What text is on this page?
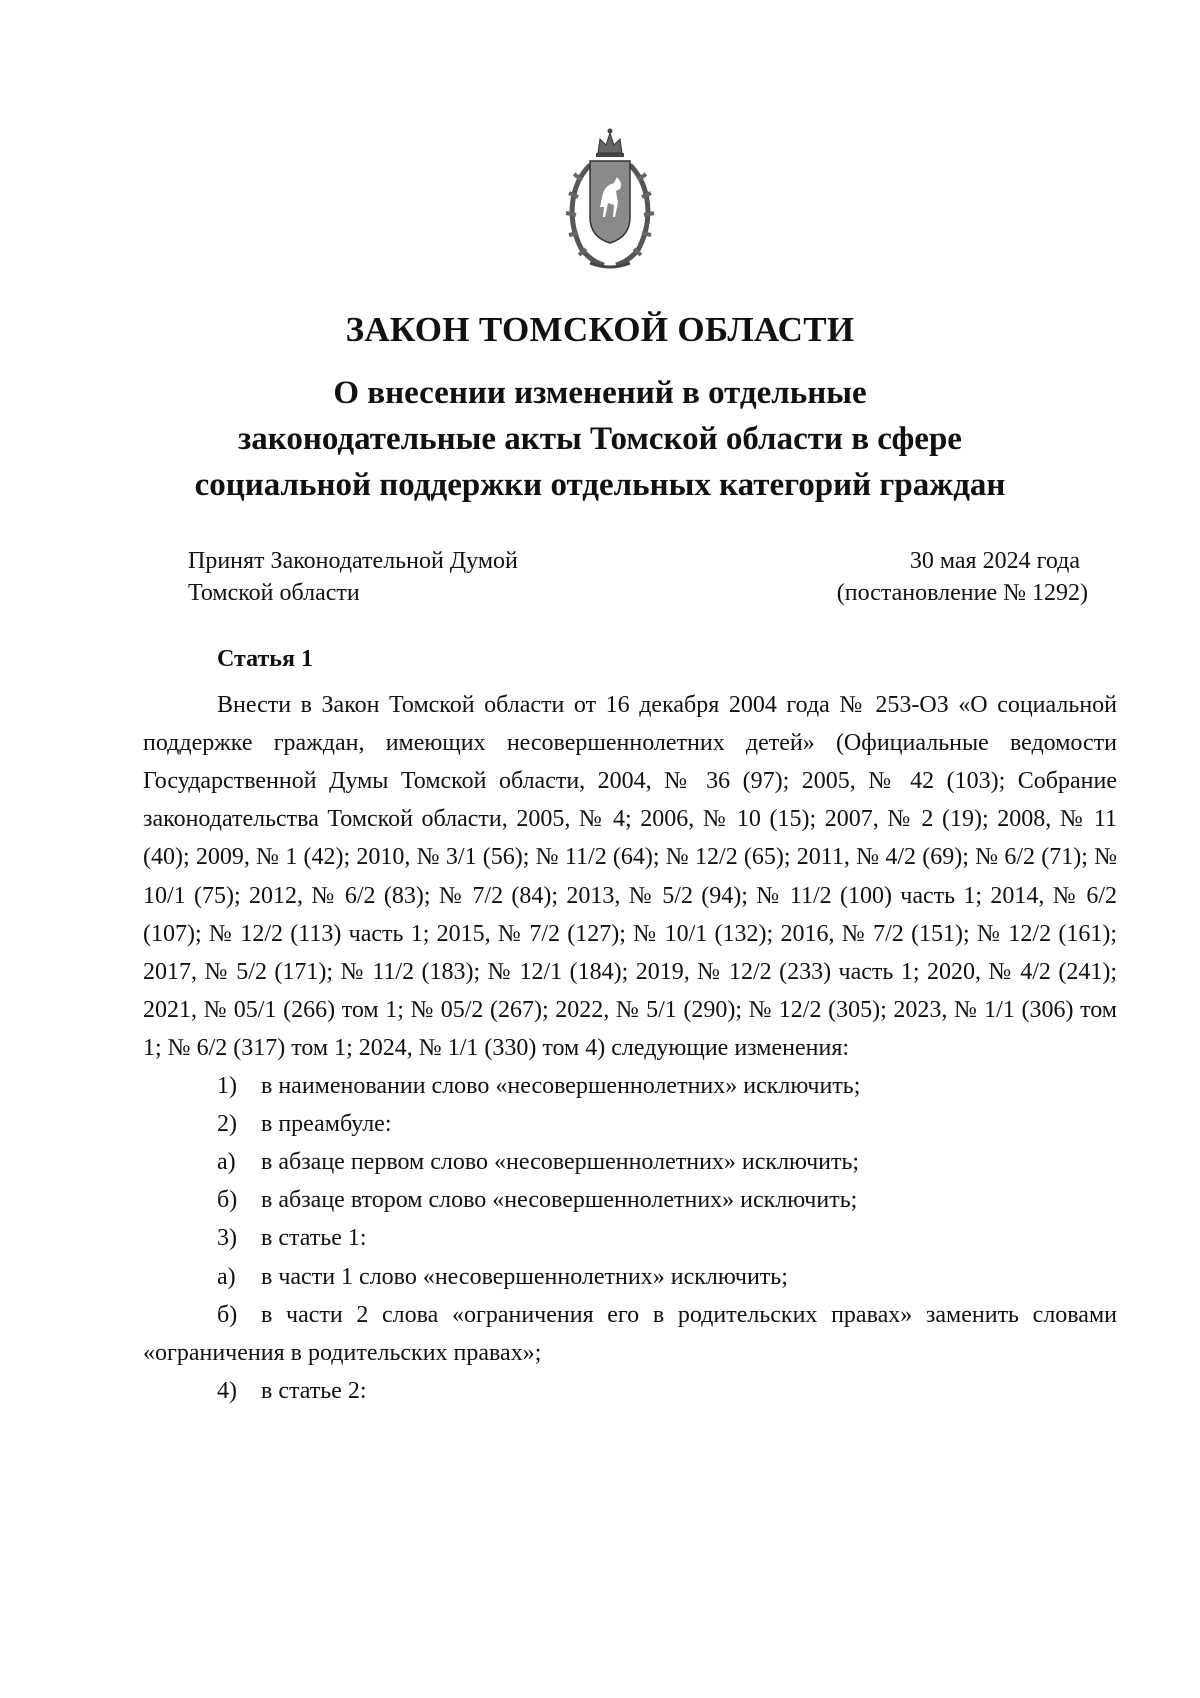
ЗАКОН ТОМСКОЙ ОБЛАСТИ
О внесении изменений в отдельные
законодательные акты Томской области в сфере
социальной поддержки отдельных категорий граждан
Принят Законодательной Думой
Томской области
30 мая 2024 года
(постановление № 1292)
Статья 1

Внести в Закон Томской области от 16 декабря 2004 года № 253-ОЗ «О социальной поддержке граждан, имеющих несовершеннолетних детей» (Официальные ведомости Государственной Думы Томской области, 2004, № 36 (97); 2005, № 42 (103); Собрание законодательства Томской области, 2005, № 4; 2006, № 10 (15); 2007, № 2 (19); 2008, № 11 (40); 2009, № 1 (42); 2010, № 3/1 (56); № 11/2 (64); № 12/2 (65); 2011, № 4/2 (69); № 6/2 (71); № 10/1 (75); 2012, № 6/2 (83); № 7/2 (84); 2013, № 5/2 (94); № 11/2 (100) часть 1; 2014, № 6/2 (107); № 12/2 (113) часть 1; 2015, № 7/2 (127); № 10/1 (132); 2016, № 7/2 (151); № 12/2 (161); 2017, № 5/2 (171); № 11/2 (183); № 12/1 (184); 2019, № 12/2 (233) часть 1; 2020, № 4/2 (241); 2021, № 05/1 (266) том 1; № 05/2 (267); 2022, № 5/1 (290); № 12/2 (305); 2023, № 1/1 (306) том 1; № 6/2 (317) том 1; 2024, № 1/1 (330) том 4) следующие изменения:

1) в наименовании слово «несовершеннолетних» исключить;
2) в преамбуле:
а) в абзаце первом слово «несовершеннолетних» исключить;
б) в абзаце втором слово «несовершеннолетних» исключить;
3) в статье 1:
а) в части 1 слово «несовершеннолетних» исключить;
б) в части 2 слова «ограничения его в родительских правах» заменить словами «ограничения в родительских правах»;
4) в статье 2:
